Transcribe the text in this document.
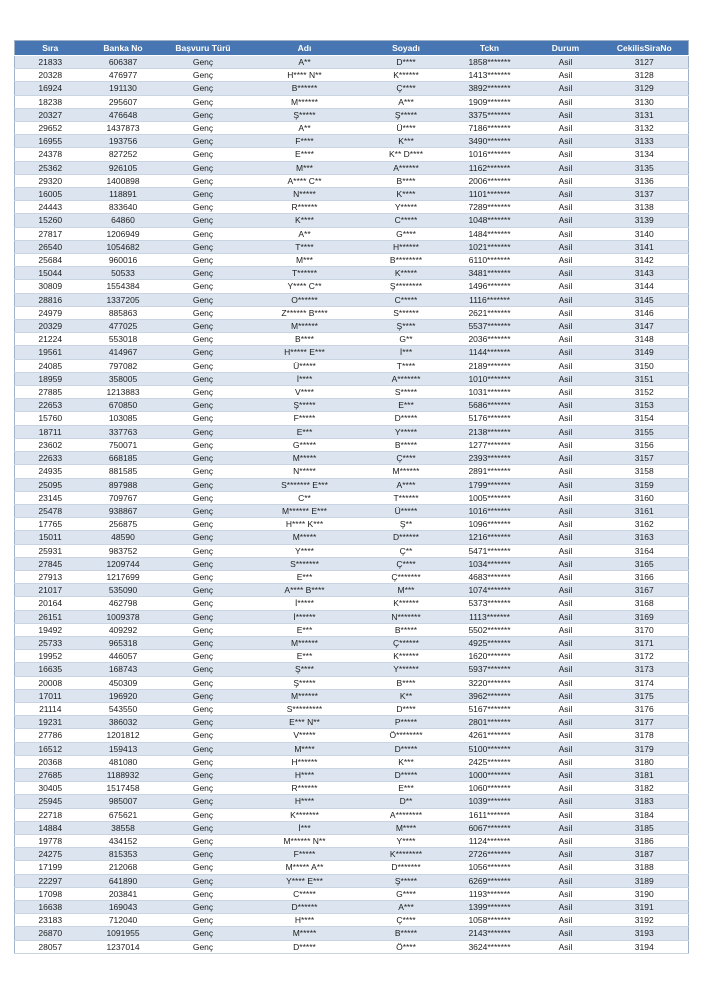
Sıra	Banka No	Başvuru Türü	Adı	Soyadı	Tckn	Durum	CekilisSiraNo
21833	606387	Genç	A**	D****	1858*******	Asil	3127
20328	476977	Genç	H**** N**	K******	1413*******	Asil	3128
16924	191130	Genç	B******	Ç****	3892*******	Asil	3129
18238	295607	Genç	M******	A***	1909*******	Asil	3130
20327	476648	Genç	Ş*****	Ş*****	3375*******	Asil	3131
29652	1437873	Genç	A**	Ü****	7186*******	Asil	3132
16955	193756	Genç	F****	K***	3490*******	Asil	3133
24378	827252	Genç	E****	K** D****	1016*******	Asil	3134
25362	926105	Genç	M***	A******	1162*******	Asil	3135
29320	1400898	Genç	A**** C**	B****	2006*******	Asil	3136
16005	118891	Genç	N*****	K****	1101*******	Asil	3137
24443	833640	Genç	R******	Y*****	7289*******	Asil	3138
15260	64860	Genç	K****	C*****	1048*******	Asil	3139
27817	1206949	Genç	A**	G****	1484*******	Asil	3140
26540	1054682	Genç	T****	H******	1021*******	Asil	3141
25684	960016	Genç	M***	B********	6110*******	Asil	3142
15044	50533	Genç	T******	K*****	3481*******	Asil	3143
30809	1554384	Genç	Y**** C**	Ş********	1496*******	Asil	3144
28816	1337205	Genç	O******	C*****	1116*******	Asil	3145
24979	885863	Genç	Z****** B****	S******	2621*******	Asil	3146
20329	477025	Genç	M******	Ş****	5537*******	Asil	3147
21224	553018	Genç	B****	G**	2036*******	Asil	3148
19561	414967	Genç	H***** E***	İ***	1144*******	Asil	3149
24085	797082	Genç	Ü*****	T****	2189*******	Asil	3150
18959	358005	Genç	İ****	A*******	1010*******	Asil	3151
27885	1213883	Genç	V****	S*****	1031*******	Asil	3152
22653	670850	Genç	Ş*****	E***	5686*******	Asil	3153
15760	103085	Genç	F*****	D*****	5176*******	Asil	3154
18711	337763	Genç	E***	Y*****	2138*******	Asil	3155
23602	750071	Genç	G*****	B*****	1277*******	Asil	3156
22633	668185	Genç	M*****	Ç****	2393*******	Asil	3157
24935	881585	Genç	N*****	M******	2891*******	Asil	3158
25095	897988	Genç	S******* E***	A****	1799*******	Asil	3159
23145	709767	Genç	C**	T******	1005*******	Asil	3160
25478	938867	Genç	M****** E***	Ü*****	1016*******	Asil	3161
17765	256875	Genç	H**** K***	Ş**	1096*******	Asil	3162
15011	48590	Genç	M*****	D******	1216*******	Asil	3163
25931	983752	Genç	Y****	Ç**	5471*******	Asil	3164
27845	1209744	Genç	S*******	Ç****	1034*******	Asil	3165
27913	1217699	Genç	E***	Ç*******	4683*******	Asil	3166
21017	535090	Genç	A**** B****	M***	1074*******	Asil	3167
20164	462798	Genç	İ*****	K******	5373*******	Asil	3168
26151	1009378	Genç	İ******	N*******	1113*******	Asil	3169
19492	409292	Genç	E***	B*****	5502*******	Asil	3170
25733	965318	Genç	M******	Ç******	4925*******	Asil	3171
19952	446057	Genç	E***	K******	1620*******	Asil	3172
16635	168743	Genç	Ş****	Y******	5937*******	Asil	3173
20008	450309	Genç	Ş*****	B****	3220*******	Asil	3174
17011	196920	Genç	M******	K**	3962*******	Asil	3175
21114	543550	Genç	S*********	D****	5167*******	Asil	3176
19231	386032	Genç	E*** N**	P*****	2801*******	Asil	3177
27786	1201812	Genç	V*****	Ö********	4261*******	Asil	3178
16512	159413	Genç	M****	D*****	5100*******	Asil	3179
20368	481080	Genç	H******	K***	2425*******	Asil	3180
27685	1188932	Genç	H****	D*****	1000*******	Asil	3181
30405	1517458	Genç	R******	E***	1060*******	Asil	3182
25945	985007	Genç	H****	D**	1039*******	Asil	3183
22718	675621	Genç	K*******	A********	1611*******	Asil	3184
14884	38558	Genç	İ***	M****	6067*******	Asil	3185
19778	434152	Genç	M****** N**	Y****	1124*******	Asil	3186
24275	815353	Genç	F*****	K********	2726*******	Asil	3187
17199	212068	Genç	M***** A**	D*******	1056*******	Asil	3188
22297	641890	Genç	Y**** E***	Ş*****	6269*******	Asil	3189
17098	203841	Genç	C*****	G****	1193*******	Asil	3190
16638	169043	Genç	D******	A***	1399*******	Asil	3191
23183	712040	Genç	H****	Ç****	1058*******	Asil	3192
26870	1091955	Genç	M*****	B*****	2143*******	Asil	3193
28057	1237014	Genç	D*****	Ö****	3624*******	Asil	3194
